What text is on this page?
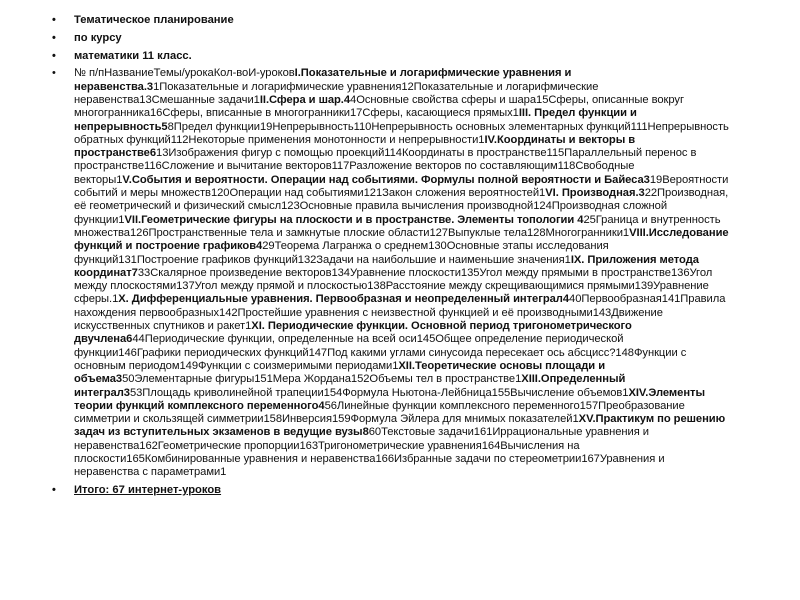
• Тематическое планирование
• по курсу
• математики 11 класс.
• № п/пНазваниеТемы/урокаКол-воИ-уроковI.Показательные и логарифмические уравнения и неравенства.31Показательные и логарифмические уравнения12Показательные и логарифмические неравенства13Смешанные задачи1II.Сфера и шар.44Основные свойства сферы и шара15Сферы, описанные вокруг многогранника16Сферы, вписанные в многогранники17Сферы, касающиеся прямых1III. Предел функции и непрерывность58Предел функции19Непрерывность110Непрерывность основных элементарных функций111Непрерывность обратных функций112Некоторые применения монотонности и непрерывности1IV.Координаты и векторы в пространстве613Изображения фигур с помощью проекций114Координаты в пространстве115Параллельный перенос в пространстве116Сложение и вычитание векторов117Разложение векторов по составляющим118Свободные векторы1V.События и вероятности. Операции над событиями. Формулы полной вероятности и Байеса319Вероятности событий и меры множеств120Операции над событиями121Закон сложения вероятностей1VI. Производная.322Производная, её геометрический и физический смысл123Основные правила вычисления производной124Производная сложной функции1VII.Геометрические фигуры на плоскости и в пространстве. Элементы топологии 425Граница и внутренность множества126Пространственные тела и замкнутые плоские области127Выпуклые тела128Многогранники1VIII.Исследование функций и построение графиков429Теорема Лагранжа о среднем130Основные этапы исследования функций131Построение графиков функций132Задачи на наибольшие и наименьшие значения1IX. Приложения метода координат733Скалярное произведение векторов134Уравнение плоскости135Угол между прямыми в пространстве136Угол между плоскостями137Угол между прямой и плоскостью138Расстояние между скрещивающимися прямыми139Уравнение сферы.1X. Дифференциальные уравнения. Первообразная и неопределенный интеграл440Первообразная141Правила нахождения первообразных142Простейшие уравнения с неизвестной функцией и её производными143Движение искусственных спутников и ракет1XI. Периодические функции. Основной период тригонометрического двучлена644Периодические функции, определенные на всей оси145Общее определение периодической функции146Графики периодических функций147Под какими углами синусоида пересекает ось абсцисс?148Функции с основным периодом149Функции с соизмеримыми периодами1XII.Теоретические основы площади и объема350Элементарные фигуры151Мера Жордана152Объемы тел в пространстве1XIII.Определенный интеграл353Площадь криволинейной трапеции154Формула Ньютона-Лейбница155Вычисление объемов1XIV.Элементы теории функций комплексного переменного456Линейные функции комплексного переменного157Преобразование симметрии и скользящей симметрии158Инверсия159Формула Эйлера для мнимых показателей1XV.Практикум по решению задач из вступительных экзаменов в ведущие вузы860Текстовые задачи161Иррациональные уравнения и неравенства162Геометрические пропорции163Тригонометрические уравнения164Вычисления на плоскости165Комбинированные уравнения и неравенства166Избранные задачи по стереометрии167Уравнения и неравенства с параметрами1
• Итого: 67 интернет-уроков
